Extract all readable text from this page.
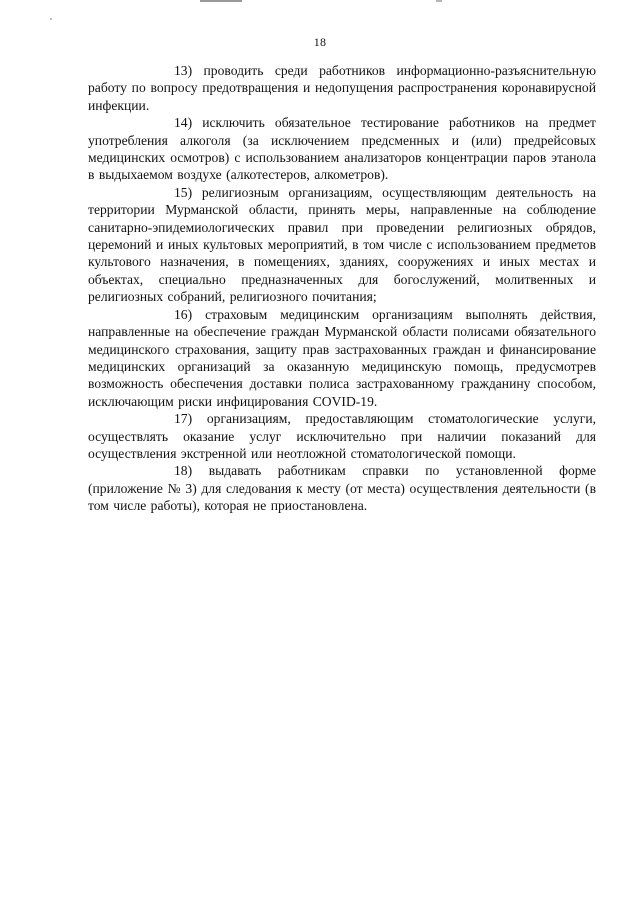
18

13) проводить среди работников информационно-разъяснительную работу по вопросу предотвращения и недопущения распространения коронавирусной инфекции.

14) исключить обязательное тестирование работников на предмет употребления алкоголя (за исключением предсменных и (или) предрейсовых медицинских осмотров) с использованием анализаторов концентрации паров этанола в выдыхаемом воздухе (алкотестеров, алкометров).

15) религиозным организациям, осуществляющим деятельность на территории Мурманской области, принять меры, направленные на соблюдение санитарно-эпидемиологических правил при проведении религиозных обрядов, церемоний и иных культовых мероприятий, в том числе с использованием предметов культового назначения, в помещениях, зданиях, сооружениях и иных местах и объектах, специально предназначенных для богослужений, молитвенных и религиозных собраний, религиозного почитания;

16) страховым медицинским организациям выполнять действия, направленные на обеспечение граждан Мурманской области полисами обязательного медицинского страхования, защиту прав застрахованных граждан и финансирование медицинских организаций за оказанную медицинскую помощь, предусмотрев возможность обеспечения доставки полиса застрахованному гражданину способом, исключающим риски инфицирования COVID-19.

17) организациям, предоставляющим стоматологические услуги, осуществлять оказание услуг исключительно при наличии показаний для осуществления экстренной или неотложной стоматологической помощи.

18) выдавать работникам справки по установленной форме (приложение № 3) для следования к месту (от места) осуществления деятельности (в том числе работы), которая не приостановлена.
